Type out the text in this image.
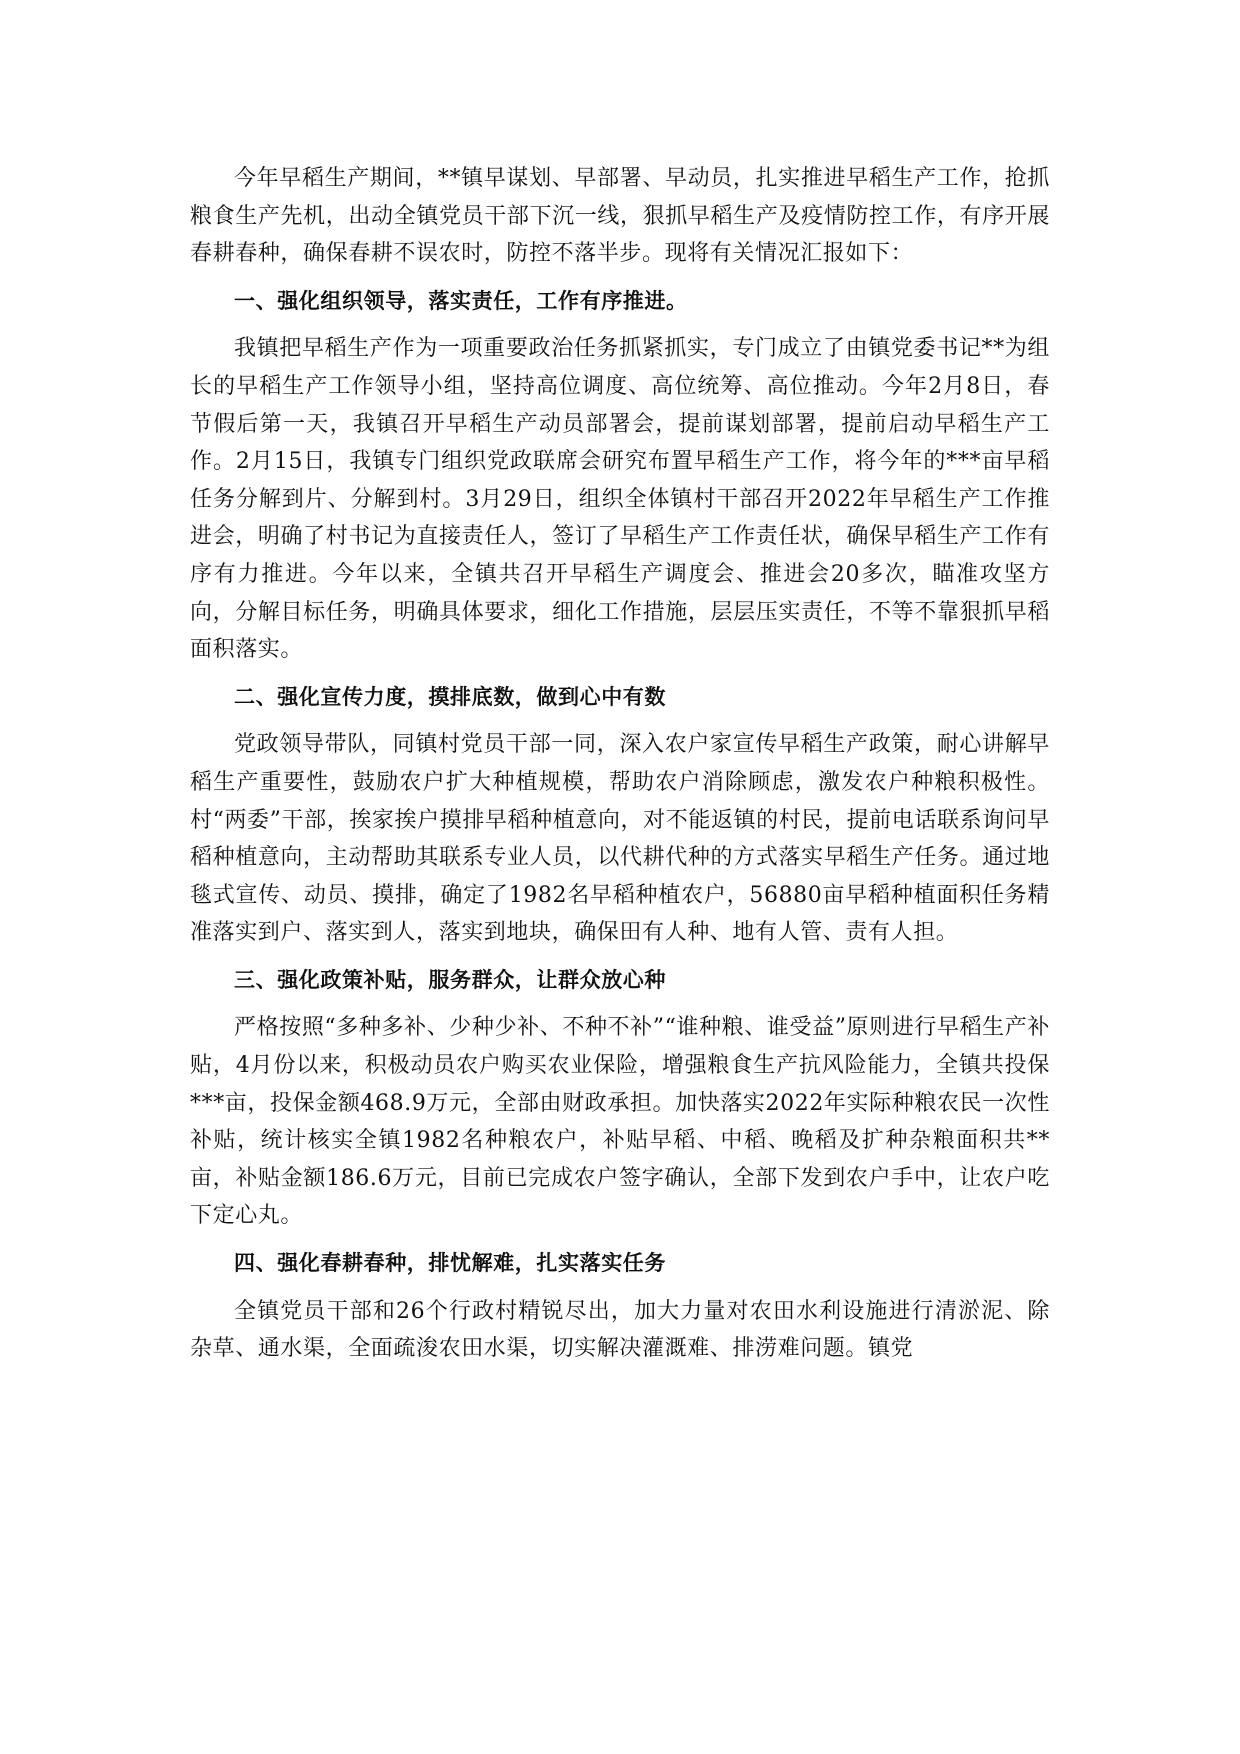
今年早稻生产期间，**镇早谋划、早部署、早动员，扎实推进早稻生产工作，抢抓粮食生产先机，出动全镇党员干部下沉一线，狠抓早稻生产及疫情防控工作，有序开展春耕春种，确保春耕不误农时，防控不落半步。现将有关情况汇报如下：

一、强化组织领导，落实责任，工作有序推进。

我镇把早稻生产作为一项重要政治任务抓紧抓实，专门成立了由镇党委书记**为组长的早稻生产工作领导小组，坚持高位调度、高位统筹、高位推动。今年2月8日，春节假后第一天，我镇召开早稻生产动员部署会，提前谋划部署，提前启动早稻生产工作。2月15日，我镇专门组织党政联席会研究布置早稻生产工作，将今年的***亩早稻任务分解到片、分解到村。3月29日，组织全体镇村干部召开2022年早稻生产工作推进会，明确了村书记为直接责任人，签订了早稻生产工作责任状，确保早稻生产工作有序有力推进。今年以来，全镇共召开早稻生产调度会、推进会20多次，瞄准攻坚方向，分解目标任务，明确具体要求，细化工作措施，层层压实责任，不等不靠狠抓早稻面积落实。

二、强化宣传力度，摸排底数，做到心中有数

党政领导带队，同镇村党员干部一同，深入农户家宣传早稻生产政策，耐心讲解早稻生产重要性，鼓励农户扩大种植规模，帮助农户消除顾虑，激发农户种粮积极性。村“两委”干部，挨家挨户摸排早稻种植意向，对不能返镇的村民，提前电话联系询问早稻种植意向，主动帮助其联系专业人员，以代耕代种的方式落实早稻生产任务。通过地毯式宣传、动员、摸排，确定了1982名早稻种植农户，56880亩早稻种植面积任务精准落实到户、落实到人，落实到地块，确保田有人种、地有人管、责有人担。

三、强化政策补贴，服务群众，让群众放心种

严格按照“多种多补、少种少补、不种不补”“谁种粮、谁受益”原则进行早稻生产补贴，4月份以来，积极动员农户购买农业保险，增强粮食生产抗风险能力，全镇共投保***亩，投保金额468.9万元，全部由财政承担。加快落实2022年实际种粮农民一次性补贴，统计核实全镇1982名种粮农户，补贴早稻、中稻、晚稻及扩种杂粮面积共**亩，补贴金额186.6万元，目前已完成农户签字确认，全部下发到农户手中，让农户吃下定心丸。

四、强化春耕春种，排忧解难，扎实落实任务

全镇党员干部和26个行政村精锐尽出，加大力量对农田水利设施进行清淤泥、除杂草、通水渠，全面疏浚农田水渠，切实解决灌溉难、排涝难问题。镇党
